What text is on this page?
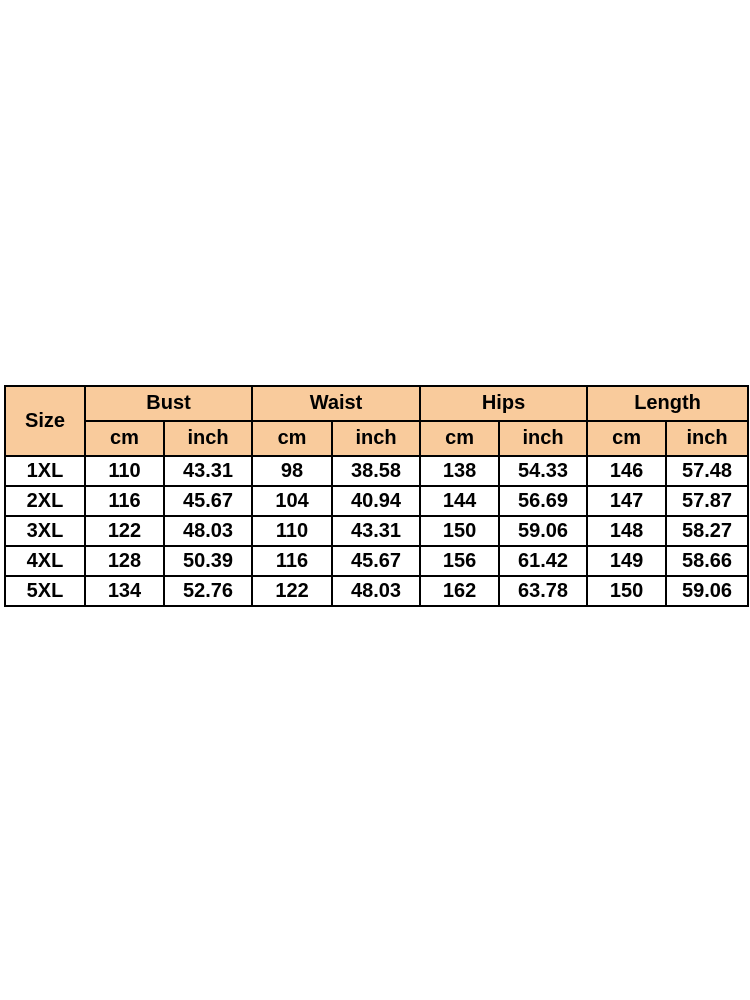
Size	Bust		Waist		Hips		Length	
	cm	inch	cm	inch	cm	inch	cm	inch
1XL	110	43.31	98	38.58	138	54.33	146	57.48
2XL	116	45.67	104	40.94	144	56.69	147	57.87
3XL	122	48.03	110	43.31	150	59.06	148	58.27
4XL	128	50.39	116	45.67	156	61.42	149	58.66
5XL	134	52.76	122	48.03	162	63.78	150	59.06
